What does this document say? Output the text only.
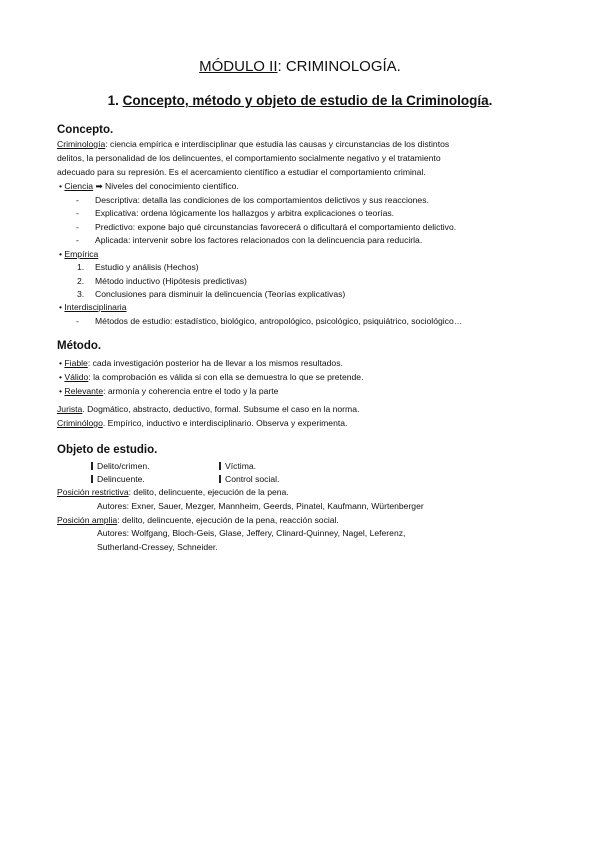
MÓDULO II: CRIMINOLOGÍA.
1. Concepto, método y objeto de estudio de la Criminología.
Concepto.
Criminología: ciencia empírica e interdisciplinar que estudia las causas y circunstancias de los distintos
delitos, la personalidad de los delincuentes, el comportamiento socialmente negativo y el tratamiento
adecuado para su represión. Es el acercamiento científico a estudiar el comportamiento criminal.
• Ciencia ➡ Niveles del conocimiento científico.
- Descriptiva: detalla las condiciones de los comportamientos delictivos y sus reacciones.
- Explicativa: ordena lógicamente los hallazgos y arbitra explicaciones o teorías.
- Predictivo: expone bajo qué circunstancias favorecerá o dificultará el comportamiento delictivo.
- Aplicada: intervenir sobre los factores relacionados con la delincuencia para reducirla.
• Empírica
1. Estudio y análisis (Hechos)
2. Método inductivo (Hipótesis predictivas)
3. Conclusiones para disminuir la delincuencia (Teorías explicativas)
• Interdisciplinaria
- Métodos de estudio: estadístico, biológico, antropológico, psicológico, psiquiátrico, sociológico…
Método.
• Fiable: cada investigación posterior ha de llevar a los mismos resultados.
• Válido: la comprobación es válida si con ella se demuestra lo que se pretende.
• Relevante: armonía y coherencia entre el todo y la parte
Jurista. Dogmático, abstracto, deductivo, formal. Subsume el caso en la norma.
Criminólogo. Empírico, inductivo e interdisciplinario. Observa y experimenta.
Objeto de estudio.
Delito/crimen.	Víctima.
Delincuente.	Control social.
Posición restrictiva: delito, delincuente, ejecución de la pena.
Autores: Exner, Sauer, Mezger, Mannheim, Geerds, Pinatel, Kaufmann, Würtenberger
Posición amplia: delito, delincuente, ejecución de la pena, reacción social.
Autores: Wolfgang, Bloch-Geis, Glase, Jeffery, Clinard-Quinney, Nagel, Leferenz,
Sutherland-Cressey, Schneider.
